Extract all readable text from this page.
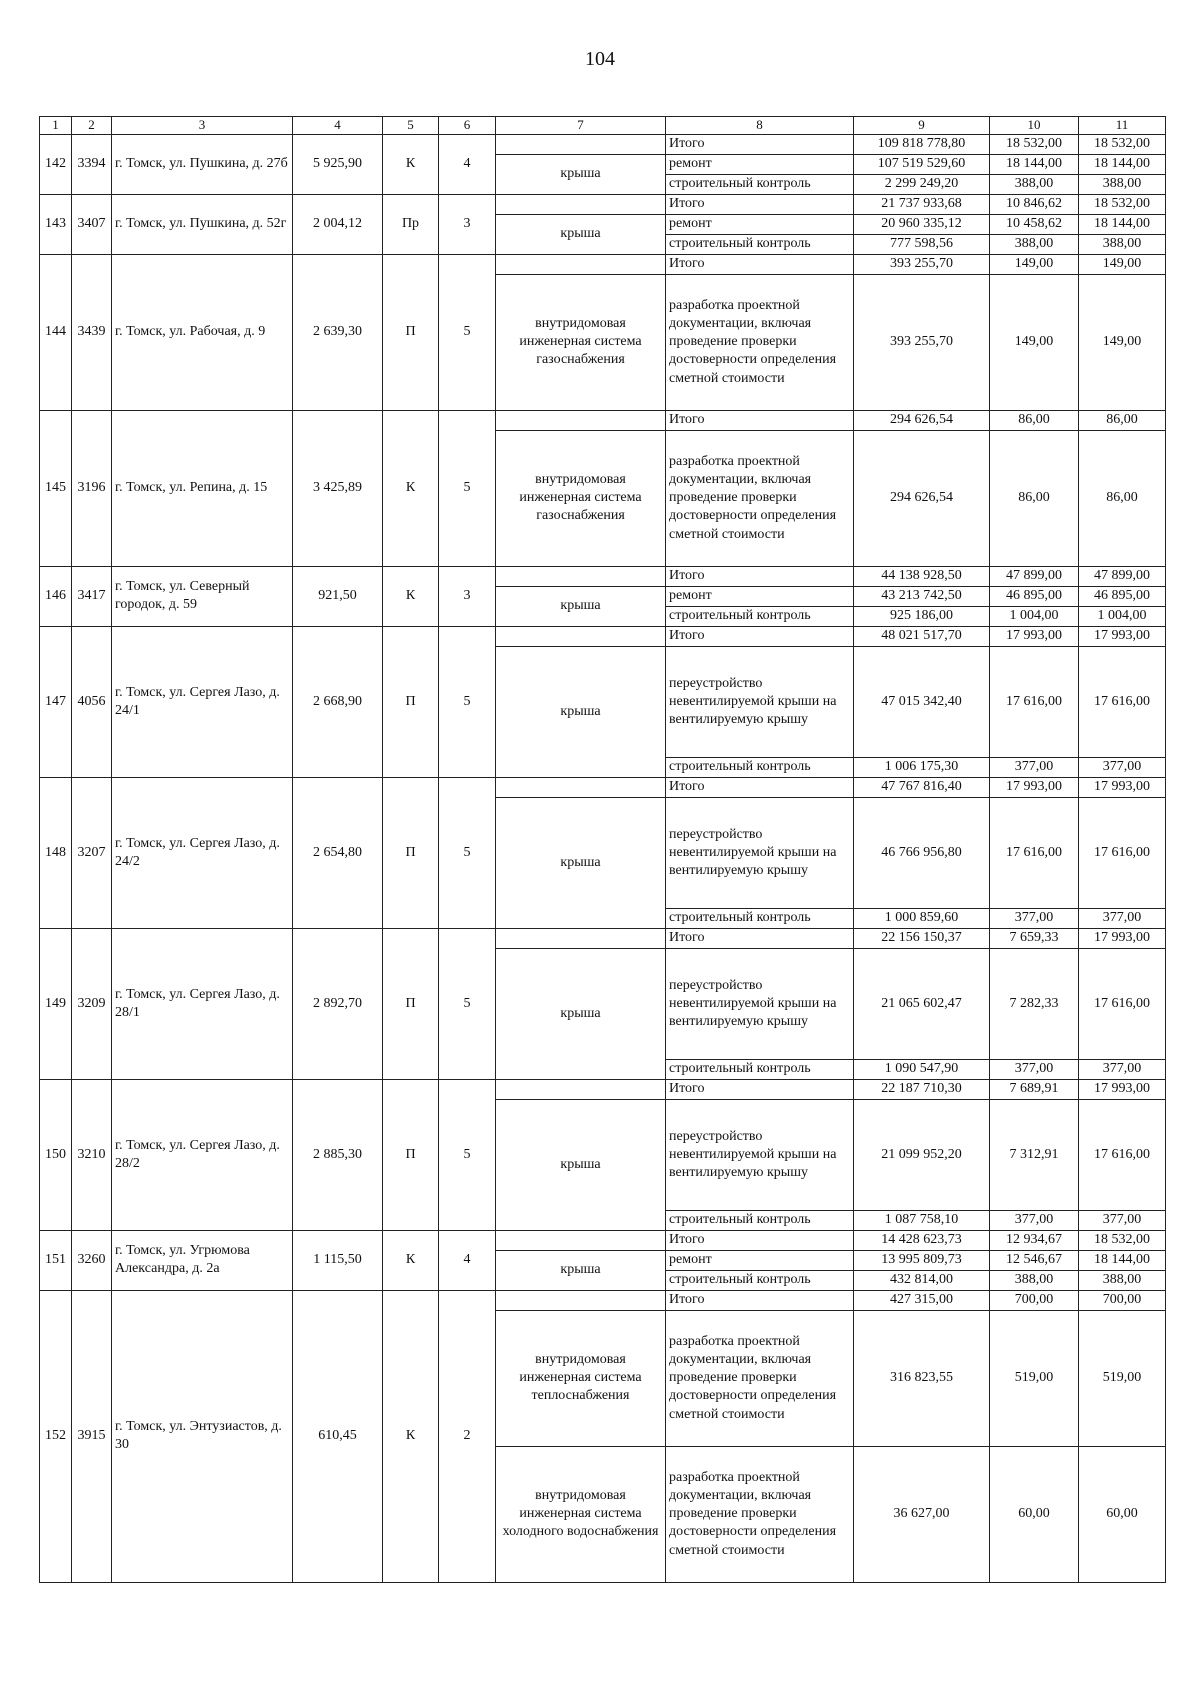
104
1	2	3	4	5	6	7	8	9	10	11
142	3394	г. Томск, ул. Пушкина, д. 27б	5 925,90	К	4		Итого	109 818 778,80	18 532,00	18 532,00
						крыша	ремонт	107 519 529,60	18 144,00	18 144,00
							строительный контроль	2 299 249,20	388,00	388,00
143	3407	г. Томск, ул. Пушкина, д. 52г	2 004,12	Пр	3		Итого	21 737 933,68	10 846,62	18 532,00
						крыша	ремонт	20 960 335,12	10 458,62	18 144,00
							строительный контроль	777 598,56	388,00	388,00
144	3439	г. Томск, ул. Рабочая, д. 9	2 639,30	П	5		Итого	393 255,70	149,00	149,00
						внутридомовая инженерная система газоснабжения	разработка проектной документации, включая проведение проверки достоверности определения сметной стоимости	393 255,70	149,00	149,00
145	3196	г. Томск, ул. Репина, д. 15	3 425,89	К	5		Итого	294 626,54	86,00	86,00
						внутридомовая инженерная система газоснабжения	разработка проектной документации, включая проведение проверки достоверности определения сметной стоимости	294 626,54	86,00	86,00
146	3417	г. Томск, ул. Северный городок, д. 59	921,50	К	3		Итого	44 138 928,50	47 899,00	47 899,00
						крыша	ремонт	43 213 742,50	46 895,00	46 895,00
							строительный контроль	925 186,00	1 004,00	1 004,00
147	4056	г. Томск, ул. Сергея Лазо, д. 24/1	2 668,90	П	5		Итого	48 021 517,70	17 993,00	17 993,00
						крыша	переустройство невентилируемой крыши на вентилируемую крышу	47 015 342,40	17 616,00	17 616,00
							строительный контроль	1 006 175,30	377,00	377,00
148	3207	г. Томск, ул. Сергея Лазо, д. 24/2	2 654,80	П	5		Итого	47 767 816,40	17 993,00	17 993,00
						крыша	переустройство невентилируемой крыши на вентилируемую крышу	46 766 956,80	17 616,00	17 616,00
							строительный контроль	1 000 859,60	377,00	377,00
149	3209	г. Томск, ул. Сергея Лазо, д. 28/1	2 892,70	П	5		Итого	22 156 150,37	7 659,33	17 993,00
						крыша	переустройство невентилируемой крыши на вентилируемую крышу	21 065 602,47	7 282,33	17 616,00
							строительный контроль	1 090 547,90	377,00	377,00
150	3210	г. Томск, ул. Сергея Лазо, д. 28/2	2 885,30	П	5		Итого	22 187 710,30	7 689,91	17 993,00
						крыша	переустройство невентилируемой крыши на вентилируемую крышу	21 099 952,20	7 312,91	17 616,00
							строительный контроль	1 087 758,10	377,00	377,00
151	3260	г. Томск, ул. Угрюмова Александра, д. 2а	1 115,50	К	4		Итого	14 428 623,73	12 934,67	18 532,00
						крыша	ремонт	13 995 809,73	12 546,67	18 144,00
							строительный контроль	432 814,00	388,00	388,00
152	3915	г. Томск, ул. Энтузиастов, д. 30	610,45	К	2		Итого	427 315,00	700,00	700,00
						внутридомовая инженерная система теплоснабжения	разработка проектной документации, включая проведение проверки достоверности определения сметной стоимости	316 823,55	519,00	519,00
						внутридомовая инженерная система холодного водоснабжения	разработка проектной документации, включая проведение проверки достоверности определения сметной стоимости	36 627,00	60,00	60,00
